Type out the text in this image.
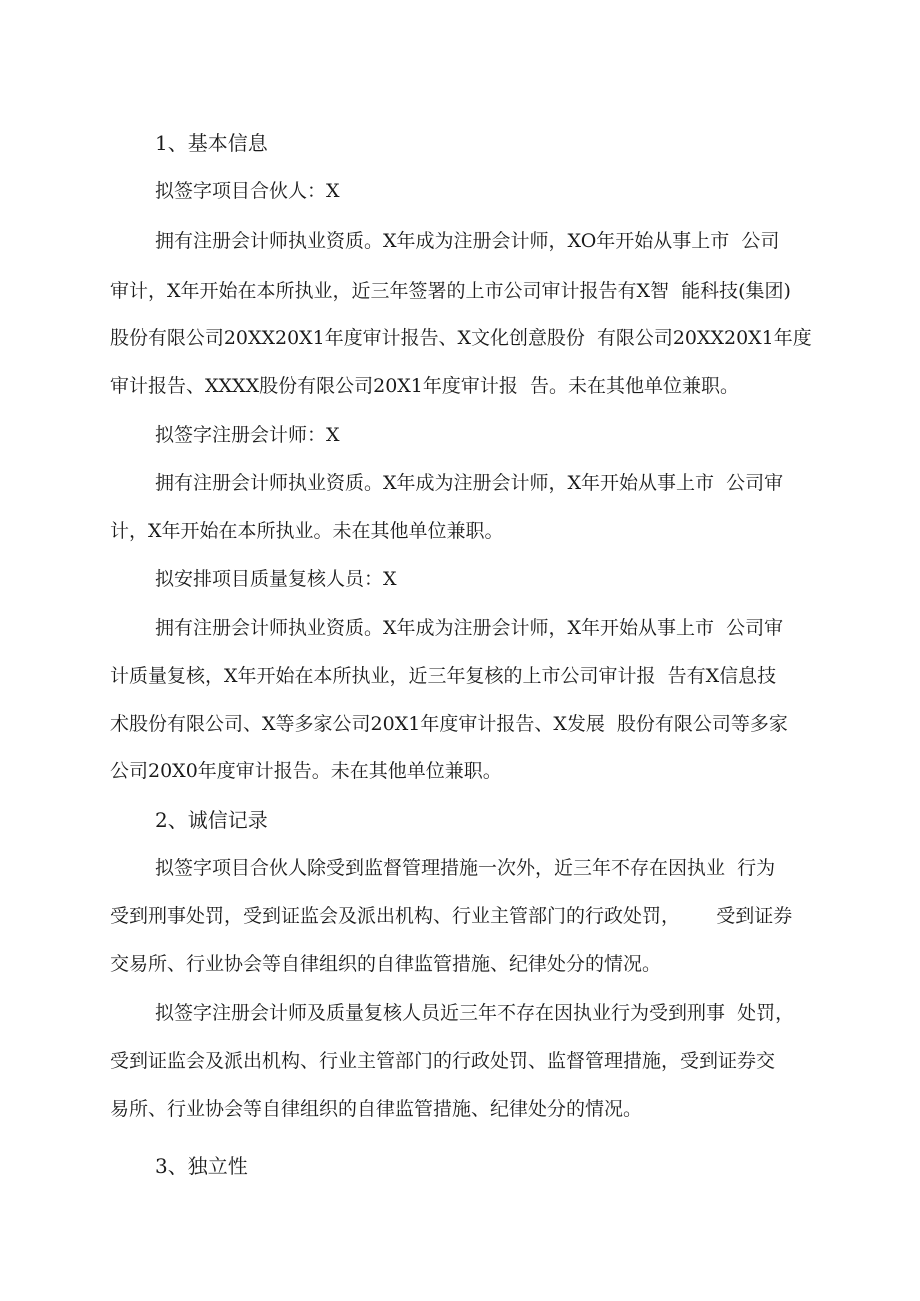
1、基本信息
拟签字项目合伙人：X
拥有注册会计师执业资质。X年成为注册会计师，XO年开始从事上市  公司
审计，X年开始在本所执业，近三年签署的上市公司审计报告有X智  能科技(集团)
股份有限公司20XX20X1年度审计报告、X文化创意股份  有限公司20XX20X1年度
审计报告、XXXX股份有限公司20X1年度审计报  告。未在其他单位兼职。
拟签字注册会计师：X
拥有注册会计师执业资质。X年成为注册会计师，X年开始从事上市  公司审
计，X年开始在本所执业。未在其他单位兼职。
拟安排项目质量复核人员：X
拥有注册会计师执业资质。X年成为注册会计师，X年开始从事上市  公司审
计质量复核，X年开始在本所执业，近三年复核的上市公司审计报  告有X信息技
术股份有限公司、X等多家公司20X1年度审计报告、X发展  股份有限公司等多家
公司20X0年度审计报告。未在其他单位兼职。
2、诚信记录
拟签字项目合伙人除受到监督管理措施一次外，近三年不存在因执业  行为
受到刑事处罚，受到证监会及派出机构、行业主管部门的行政处罚，      受到证券
交易所、行业协会等自律组织的自律监管措施、纪律处分的情况。
拟签字注册会计师及质量复核人员近三年不存在因执业行为受到刑事  处罚，
受到证监会及派出机构、行业主管部门的行政处罚、监督管理措施，受到证券交
易所、行业协会等自律组织的自律监管措施、纪律处分的情况。
3、独立性
